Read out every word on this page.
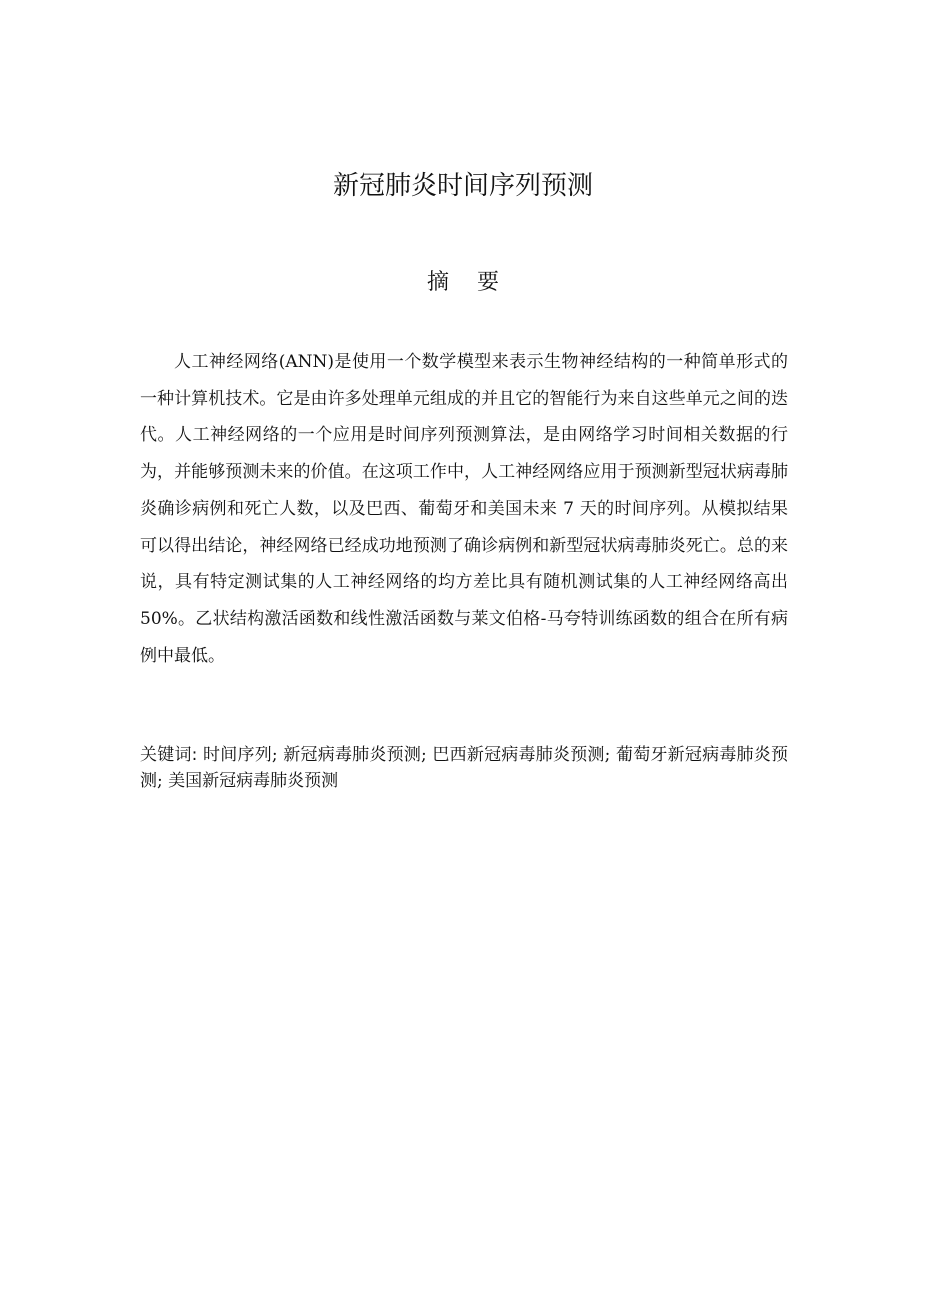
新冠肺炎时间序列预测
摘要
人工神经网络(ANN)是使用一个数学模型来表示生物神经结构的一种简单形式的一种计算机技术。它是由许多处理单元组成的并且它的智能行为来自这些单元之间的迭代。人工神经网络的一个应用是时间序列预测算法，是由网络学习时间相关数据的行为，并能够预测未来的价值。在这项工作中，人工神经网络应用于预测新型冠状病毒肺炎确诊病例和死亡人数，以及巴西、葡萄牙和美国未来 7 天的时间序列。从模拟结果可以得出结论，神经网络已经成功地预测了确诊病例和新型冠状病毒肺炎死亡。总的来说，具有特定测试集的人工神经网络的均方差比具有随机测试集的人工神经网络高出 50%。乙状结构激活函数和线性激活函数与莱文伯格-马夸特训练函数的组合在所有病例中最低。
关键词: 时间序列; 新冠病毒肺炎预测; 巴西新冠病毒肺炎预测; 葡萄牙新冠病毒肺炎预测; 美国新冠病毒肺炎预测
